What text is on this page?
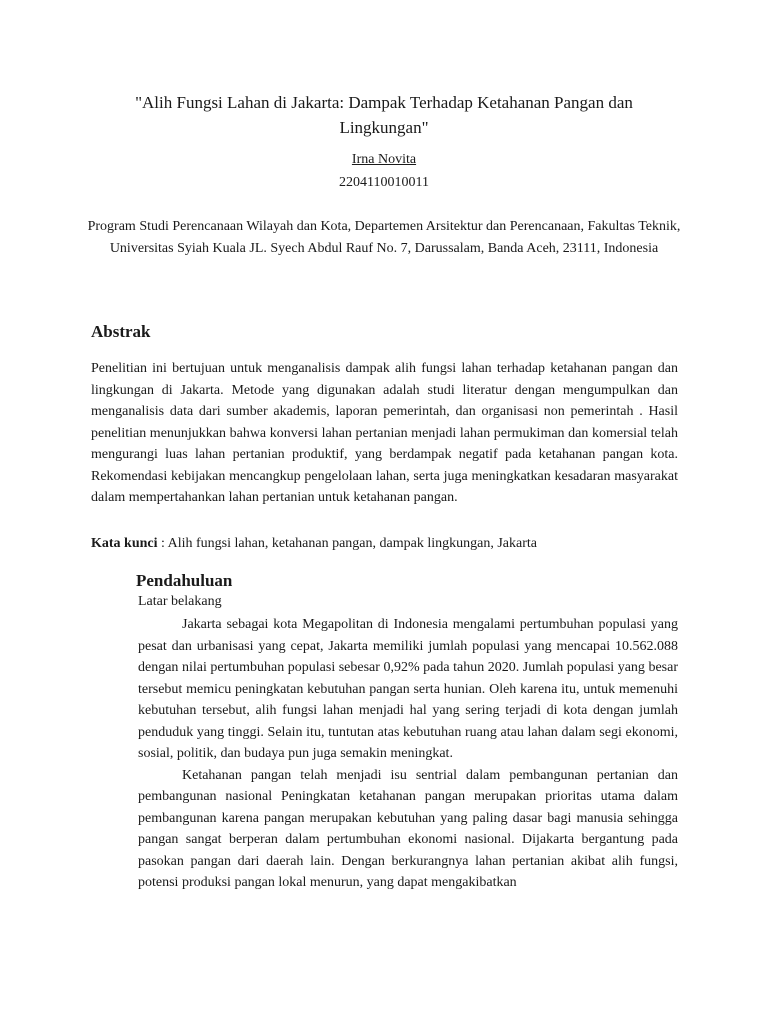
"Alih Fungsi Lahan di Jakarta: Dampak Terhadap Ketahanan Pangan dan Lingkungan"
Irna Novita
2204110010011
Program Studi Perencanaan Wilayah dan Kota, Departemen Arsitektur dan Perencanaan, Fakultas Teknik, Universitas Syiah Kuala JL. Syech Abdul Rauf No. 7, Darussalam, Banda Aceh, 23111, Indonesia
Abstrak
Penelitian ini bertujuan untuk menganalisis dampak alih fungsi lahan terhadap ketahanan pangan dan lingkungan di Jakarta. Metode yang digunakan adalah studi literatur dengan mengumpulkan dan menganalisis data dari sumber akademis, laporan pemerintah, dan organisasi non pemerintah . Hasil penelitian menunjukkan bahwa konversi lahan pertanian menjadi lahan permukiman dan komersial telah mengurangi luas lahan pertanian produktif, yang berdampak negatif pada ketahanan pangan kota. Rekomendasi kebijakan mencangkup pengelolaan lahan, serta juga meningkatkan kesadaran masyarakat dalam mempertahankan lahan pertanian untuk ketahanan pangan.
Kata kunci : Alih fungsi lahan, ketahanan pangan, dampak lingkungan, Jakarta
Pendahuluan
Latar belakang

Jakarta sebagai kota Megapolitan di Indonesia mengalami pertumbuhan populasi yang pesat dan urbanisasi yang cepat, Jakarta memiliki jumlah populasi yang mencapai 10.562.088 dengan nilai pertumbuhan populasi sebesar 0,92% pada tahun 2020. Jumlah populasi yang besar tersebut memicu peningkatan kebutuhan pangan serta hunian. Oleh karena itu, untuk memenuhi kebutuhan tersebut, alih fungsi lahan menjadi hal yang sering terjadi di kota dengan jumlah penduduk yang tinggi. Selain itu, tuntutan atas kebutuhan ruang atau lahan dalam segi ekonomi, sosial, politik, dan budaya pun juga semakin meningkat.

Ketahanan pangan telah menjadi isu sentrial dalam pembangunan pertanian dan pembangunan nasional Peningkatan ketahanan pangan merupakan prioritas utama dalam pembangunan karena pangan merupakan kebutuhan yang paling dasar bagi manusia sehingga pangan sangat berperan dalam pertumbuhan ekonomi nasional. Dijakarta bergantung pada pasokan pangan dari daerah lain. Dengan berkurangnya lahan pertanian akibat alih fungsi, potensi produksi pangan lokal menurun, yang dapat mengakibatkan
